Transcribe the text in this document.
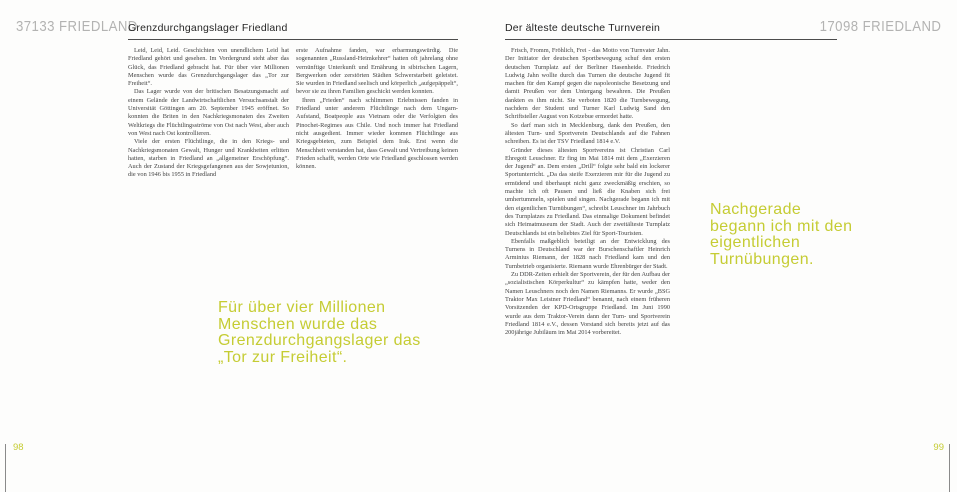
37133 FRIEDLAND	17098 FRIEDLAND
Grenzdurchgangslager Friedland	Der älteste deutsche Turnverein

Leid, Leid, Leid. Geschichten von unendlichem Leid hat Friedland gehört und gesehen. Im Vordergrund steht aber das Glück, das Friedland gebracht hat. Für über vier Millionen Menschen wurde das Grenzdurchgangslager das „Tor zur Freiheit“.

Das Lager wurde von der britischen Besatzungsmacht auf einem Gelände der Landwirtschaftlichen Versuchsanstalt der Universität Göttingen am 20. September 1945 eröffnet. So konnten die Briten in den Nachkriegsmonaten des Zweiten Weltkriegs die Flüchtlingsströme von Ost nach West, aber auch von West nach Ost kontrollieren.

Viele der ersten Flüchtlinge, die in den Kriegs- und Nachkriegsmonaten Gewalt, Hunger und Krankheiten erlitten hatten, starben in Friedland an „allgemeiner Erschöpfung“. Auch der Zustand der Kriegsgefangenen aus der Sowjetunion, die von 1946 bis 1955 in Friedland

erste Aufnahme fanden, war erbarmungswürdig. Die sogenannten „Russland-Heimkehrer“ hatten oft jahrelang ohne vernünftige Unterkunft und Ernährung in sibirischen Lagern, Bergwerken oder zerstörten Städten Schwerstarbeit geleistet. Sie wurden in Friedland seelisch und körperlich „aufgepäppelt“, bevor sie zu ihren Familien geschickt werden konnten.

Ihren „Frieden“ nach schlimmen Erlebnissen fanden in Friedland unter anderem Flüchtlinge nach dem Ungarn-Aufstand, Boatpeople aus Vietnam oder die Verfolgten des Pinochet-Regimes aus Chile. Und noch immer hat Friedland nicht ausgedient. Immer wieder kommen Flüchtlinge aus Kriegsgebieten, zum Beispiel dem Irak. Erst wenn die Menschheit verstanden hat, dass Gewalt und Vertreibung keinen Frieden schafft, werden Orte wie Friedland geschlossen werden können.

Frisch, Fromm, Fröhlich, Frei - das Motto von Turnvater Jahn. Der Initiator der deutschen Sportbewegung schuf den ersten deutschen Turnplatz auf der Berliner Hasenheide. Friedrich Ludwig Jahn wollte durch das Turnen die deutsche Jugend fit machen für den Kampf gegen die napoleonische Besetzung und damit Preußen vor dem Untergang bewahren. Die Preußen dankten es ihm nicht. Sie verboten 1820 die Turnbewegung, nachdem der Student und Turner Karl Ludwig Sand den Schriftsteller August von Kotzebue ermordet hatte.

So darf man sich in Mecklenburg, dank den Preußen, den ältesten Turn- und Sportverein Deutschlands auf die Fahnen schreiben. Es ist der TSV Friedland 1814 e.V.

Gründer dieses ältesten Sportvereins ist Christian Carl Ehregott Leuschner. Er fing im Mai 1814 mit dem „Exerzieren der Jugend“ an. Dem ersten „Drill“ folgte sehr bald ein lockerer Sportunterricht. „Da das steife Exerzieren mir für die Jugend zu ermüdend und überhaupt nicht ganz zweckmäßig erschien, so machte ich oft Pausen und ließ die Knaben sich frei umhertummeln, spielen und singen. Nachgerade begann ich mit den eigentlichen Turnübungen“, schreibt Leuschner im Jahrbuch des Turnplatzes zu Friedland. Das einmalige Dokument befindet sich Heimatmuseum der Stadt. Auch der zweitälteste Turnplatz Deutschlands ist ein beliebtes Ziel für Sport-Touristen.

Ebenfalls maßgeblich beteiligt an der Entwicklung des Turnens in Deutschland war der Burschenschaftler Heinrich Arminius Riemann, der 1828 nach Friedland kam und den Turnbetrieb organisierte. Riemann wurde Ehrenbürger der Stadt.

Zu DDR-Zeiten erhielt der Sportverein, der für den Aufbau der „sozialistischen Körperkultur“ zu kämpfen hatte, weder den Namen Leuschners noch den Namen Riemanns. Er wurde „BSG Traktor Max Leistner Friedland“ benannt, nach einem früheren Vorsitzenden der KPD-Ortsgruppe Friedland. Im Juni 1990 wurde aus dem Traktor-Verein dann der Turn- und Sportverein Friedland 1814 e.V., dessen Vorstand sich bereits jetzt auf das 200jährige Jubiläum im Mai 2014 vorbereitet.

Für über vier Millionen Menschen wurde das Grenzdurchgangslager das „Tor zur Freiheit“.
Nachgerade begann ich mit den eigentlichen Turnübungen.
98	99
